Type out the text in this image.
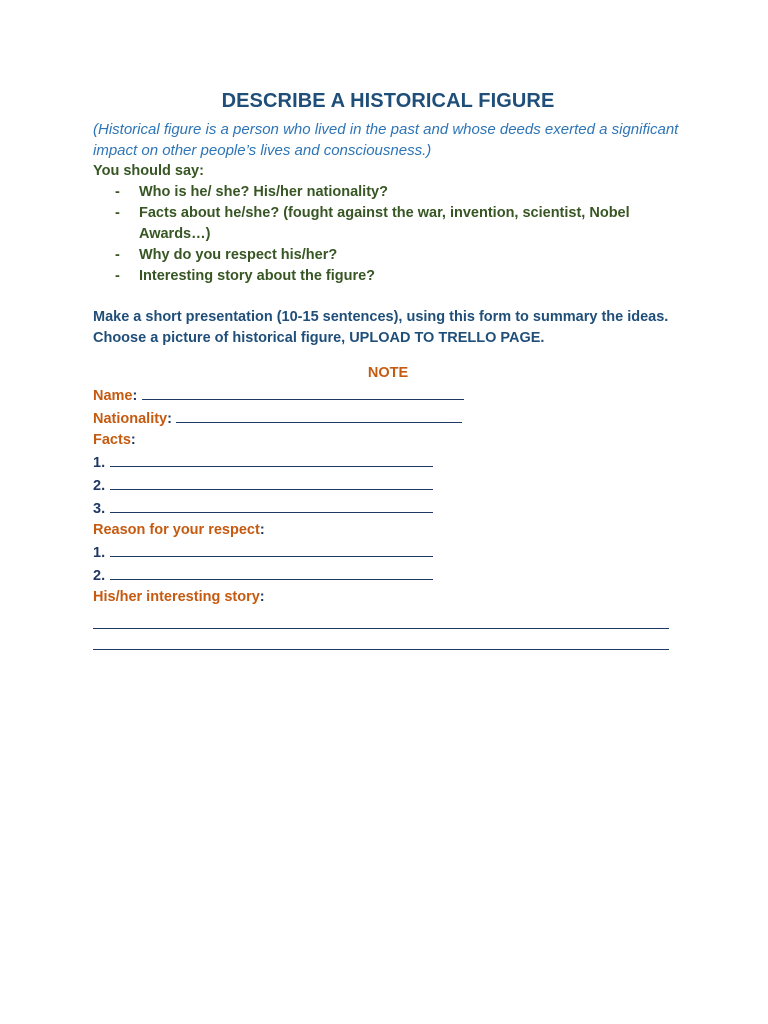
DESCRIBE A HISTORICAL FIGURE

(Historical figure is a person who lived in the past and whose deeds exerted a significant impact on other people’s lives and consciousness.)

You should say:

- Who is he/ she? His/her nationality?
- Facts about he/she? (fought against the war, invention, scientist, Nobel Awards…)
- Why do you respect his/her?
- Interesting story about the figure?

Make a short presentation (10-15 sentences), using this form to summary the ideas.

Choose a picture of historical figure, UPLOAD TO TRELLO PAGE.

NOTE

Name:

Nationality:

Facts:

1.

2.

3.

Reason for your respect:

1.

2.

His/her interesting story:
